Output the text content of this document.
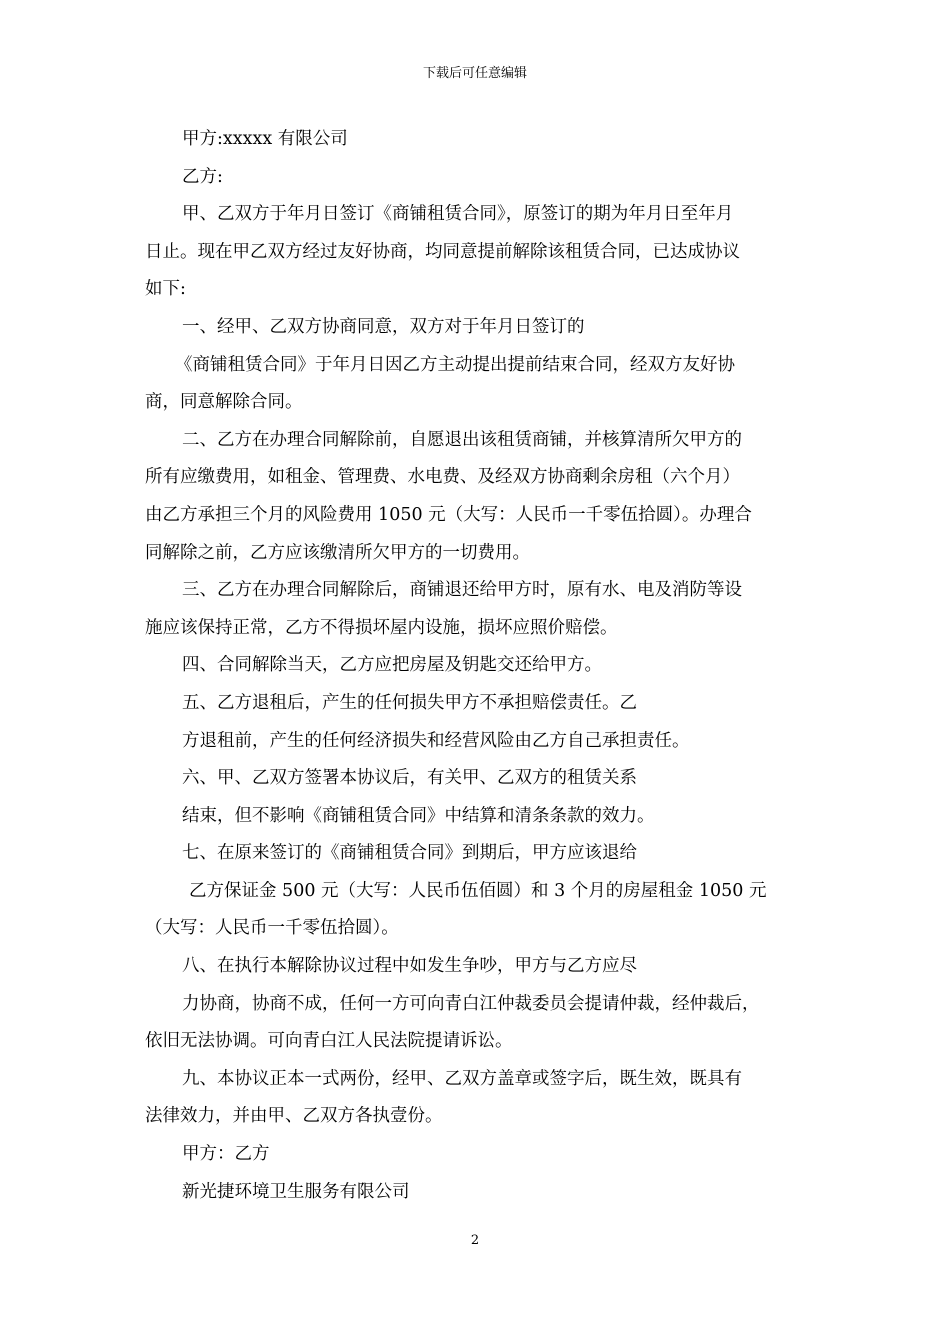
下载后可任意编辑
甲方:xxxxx 有限公司
乙方:
甲、乙双方于年月日签订《商铺租赁合同》，原签订的期为年月日至年月
日止。现在甲乙双方经过友好协商，均同意提前解除该租赁合同，已达成协议
如下:
一、经甲、乙双方协商同意，双方对于年月日签订的
《商铺租赁合同》于年月日因乙方主动提出提前结束合同，经双方友好协
商，同意解除合同。
二、乙方在办理合同解除前，自愿退出该租赁商铺，并核算清所欠甲方的
所有应缴费用，如租金、管理费、水电费、及经双方协商剩余房租（六个月）
由乙方承担三个月的风险费用 1050 元（大写：人民币一千零伍拾圆）。办理合
同解除之前，乙方应该缴清所欠甲方的一切费用。
三、乙方在办理合同解除后，商铺退还给甲方时，原有水、电及消防等设
施应该保持正常，乙方不得损坏屋内设施，损坏应照价赔偿。
四、合同解除当天，乙方应把房屋及钥匙交还给甲方。
五、乙方退租后，产生的任何损失甲方不承担赔偿责任。乙
方退租前，产生的任何经济损失和经营风险由乙方自己承担责任。
六、甲、乙双方签署本协议后，有关甲、乙双方的租赁关系
结束，但不影响《商铺租赁合同》中结算和清条条款的效力。
七、在原来签订的《商铺租赁合同》到期后，甲方应该退给
乙方保证金 500 元（大写：人民币伍佰圆）和 3 个月的房屋租金 1050 元
（大写：人民币一千零伍拾圆）。
八、在执行本解除协议过程中如发生争吵，甲方与乙方应尽
力协商，协商不成，任何一方可向青白江仲裁委员会提请仲裁，经仲裁后，
依旧无法协调。可向青白江人民法院提请诉讼。
九、本协议正本一式两份，经甲、乙双方盖章或签字后，既生效，既具有
法律效力，并由甲、乙双方各执壹份。
甲方：乙方
新光捷环境卫生服务有限公司
2
